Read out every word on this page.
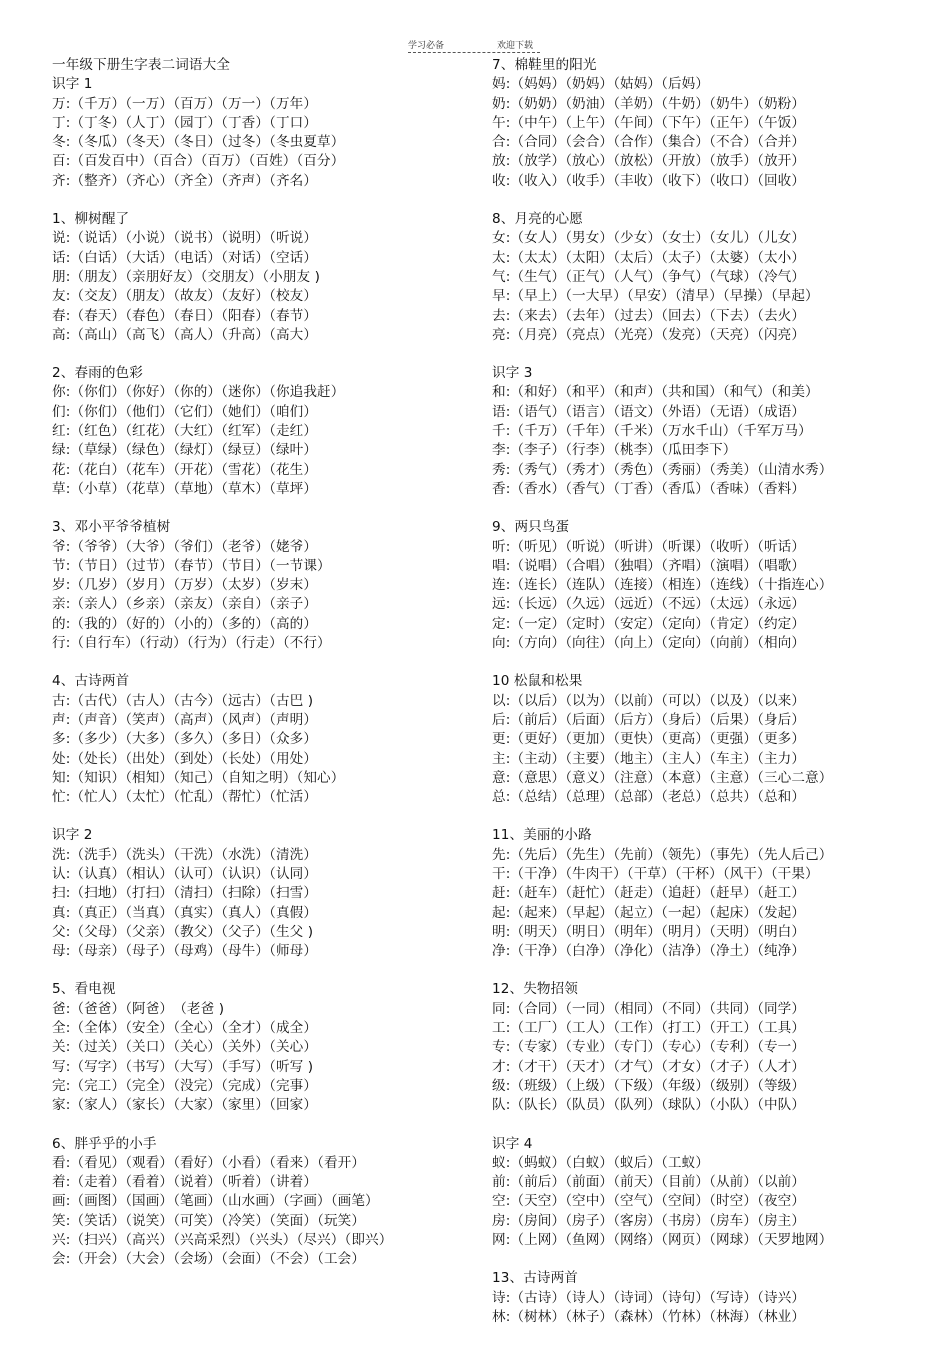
学习必备	欢迎下载
一年级下册生字表二词语大全
识字 1
万:（千万）（一万）（百万）（万一）（万年）
丁:（丁冬）（人丁）（园丁）（丁香）（丁口）
冬:（冬瓜）（冬天）（冬日）（过冬）（冬虫夏草）
百:（百发百中）（百合）（百万）（百姓）（百分）
齐:（整齐）（齐心）（齐全）（齐声）（齐名）
1、柳树醒了
说:（说话）（小说）（说书）（说明）（听说）
话:（白话）（大话）（电话）（对话）（空话）
朋:（朋友）（亲朋好友）（交朋友）（小朋友 )
友:（交友）（朋友）（故友）（友好）（校友）
春:（春天）（春色）（春日）（阳春）（春节）
高:（高山）（高飞）（高人）（升高）（高大）
2、春雨的色彩
你:（你们）（你好）（你的）（迷你）（你追我赶）
们:（你们）（他们）（它们）（她们）（咱们）
红:（红色）（红花）（大红）（红军）（走红）
绿:（草绿）（绿色）（绿灯）（绿豆）（绿叶）
花:（花白）（花车）（开花）（雪花）（花生）
草:（小草）（花草）（草地）（草木）（草坪）
3、邓小平爷爷植树
爷:（爷爷）（大爷）（爷们）（老爷）（姥爷）
节:（节日）（过节）（春节）（节目）（一节课）
岁:（几岁）（岁月）（万岁）（太岁）（岁末）
亲:（亲人）（乡亲）（亲友）（亲自）（亲子）
的:（我的）（好的）（小的）（多的）（高的）
行:（自行车）（行动）（行为）（行走）（不行）
4、古诗两首
古:（古代）（古人）（古今）（远古）（古巴 )
声:（声音）（笑声）（高声）（风声）（声明）
多:（多少）（大多）（多久）（多日）（众多）
处:（处长）（出处）（到处）（长处）（用处）
知:（知识）（相知）（知己）（自知之明）（知心）
忙:（忙人）（太忙）（忙乱）（帮忙）（忙活）
识字 2
洗:（洗手）（洗头）（干洗）（水洗）（清洗）
认:（认真）（相认）（认可）（认识）（认同）
扫:（扫地）（打扫）（清扫）（扫除）（扫雪）
真:（真正）（当真）（真实）（真人）（真假）
父:（父母）（父亲）（教父）（父子）（生父 )
母:（母亲）（母子）（母鸡）（母牛）（师母）
5、看电视
爸:（爸爸）（阿爸）　（老爸 )
全:（全体）（安全）（全心）（全才）（成全）
关:（过关）（关口）（关心）（关外）（关心）
写:（写字）（书写）（大写）（手写）（听写 )
完:（完工）（完全）（没完）（完成）（完事）
家:（家人）（家长）（大家）（家里）（回家）
6、胖乎乎的小手
看:（看见）（观看）（看好）（小看）（看来）（看开）
着:（走着）（看着）（说着）（听着）（讲着）
画:（画图）（国画）（笔画）（山水画）（字画）（画笔）
笑:（笑话）（说笑）（可笑）（冷笑）（笑面）（玩笑）
兴:（扫兴）（高兴）（兴高采烈）（兴头）（尽兴）（即兴）
会:（开会）（大会）（会场）（会面）（不会）（工会）
7、棉鞋里的阳光
妈:（妈妈）（奶妈）（姑妈）（后妈）
奶:（奶奶）（奶油）（羊奶）（牛奶）（奶牛）（奶粉）
午:（中午）（上午）（午间）（下午）（正午）（午饭）
合:（合同）（会合）（合作）（集合）（不合）（合并）
放:（放学）（放心）（放松）（开放）（放手）（放开）
收:（收入）（收手）（丰收）（收下）（收口）（回收）
8、月亮的心愿
女:（女人）（男女）（少女）（女士）（女儿）（儿女）
太:（太太）（太阳）（太后）（太子）（太婆）（太小）
气:（生气）（正气）（人气）（争气）（气球）（冷气）
早:（早上）（一大早）（早安）（清早）（早操）（早起）
去:（来去）（去年）（过去）（回去）（下去）（去火）
亮:（月亮）（亮点）（光亮）（发亮）（天亮）（闪亮）
识字 3
和:（和好）（和平）（和声）（共和国）（和气）（和美）
语:（语气）（语言）（语文）（外语）（无语）（成语）
千:（千万）（千年）（千米）（万水千山）（千军万马）
李:（李子）（行李）（桃李）（瓜田李下）
秀:（秀气）（秀才）（秀色）（秀丽）（秀美）（山清水秀）
香:（香水）（香气）（丁香）（香瓜）（香味）（香料）
9、两只鸟蛋
听:（听见）（听说）（听讲）（听课）（收听）（听话）
唱:（说唱）（合唱）（独唱）（齐唱）（演唱）（唱歌）
连:（连长）（连队）（连接）（相连）（连线）（十指连心）
远:（长远）（久远）（远近）（不远）（太远）（永远）
定:（一定）（定时）（安定）（定向）（肯定）（约定）
向:（方向）（向往）（向上）（定向）（向前）（相向）
10 松鼠和松果
以:（以后）（以为）（以前）（可以）（以及）（以来）
后:（前后）（后面）（后方）（身后）（后果）（身后）
更:（更好）（更加）（更快）（更高）（更强）（更多）
主:（主动）（主要）（地主）（主人）（车主）（主力）
意:（意思）（意义）（注意）（本意）（主意）（三心二意）
总:（总结）（总理）（总部）（老总）（总共）（总和）
11、美丽的小路
先:（先后）（先生）（先前）（领先）（事先）（先人后己）
干:（干净）（牛肉干）（干草）（干杯）（风干）（干果）
赶:（赶车）（赶忙）（赶走）（追赶）（赶早）（赶工）
起:（起来）（早起）（起立）（一起）（起床）（发起）
明:（明天）（明日）（明年）（明月）（天明）（明白）
净:（干净）（白净）（净化）（洁净）（净土）（纯净）
12、失物招领
同:（合同）（一同）（相同）（不同）（共同）（同学）
工:（工厂）（工人）（工作）（打工）（开工）（工具）
专:（专家）（专业）（专门）（专心）（专利）（专一）
才:（才干）（天才）（才气）（才女）（才子）（人才）
级:（班级）（上级）（下级）（年级）（级别）（等级）
队:（队长）（队员）（队列）（球队）（小队）（中队）
识字 4
蚁:（蚂蚁）（白蚁）（蚁后）（工蚁）
前:（前后）（前面）（前天）（目前）（从前）（以前）
空:（天空）（空中）（空气）（空间）（时空）（夜空）
房:（房间）（房子）（客房）（书房）（房车）（房主）
网:（上网）（鱼网）（网络）（网页）（网球）（天罗地网）
13、古诗两首
诗:（古诗）（诗人）（诗词）（诗句）（写诗）（诗兴）
林:（树林）（林子）（森林）（竹林）（林海）（林业）
